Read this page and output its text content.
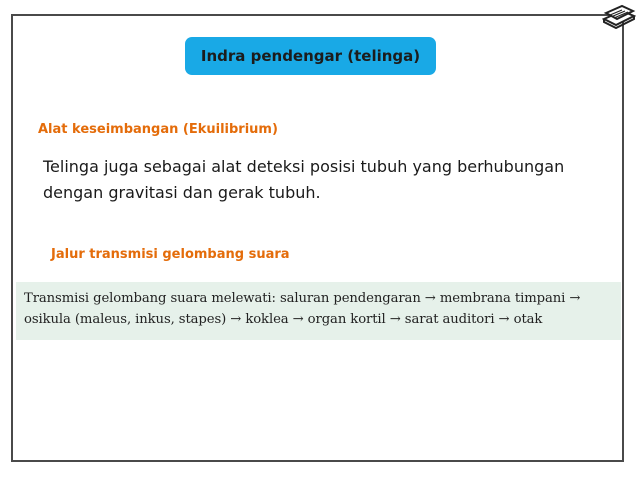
Indra pendengar (telinga)
Alat keseimbangan (Ekuilibrium)
Telinga juga sebagai alat deteksi posisi tubuh yang berhubungan
dengan gravitasi dan gerak tubuh.
Jalur transmisi gelombang suara
Transmisi gelombang suara melewati: saluran pendengaran → membrana timpani →
osikula (maleus, inkus, stapes) → koklea → organ kortil → sarat auditori → otak
